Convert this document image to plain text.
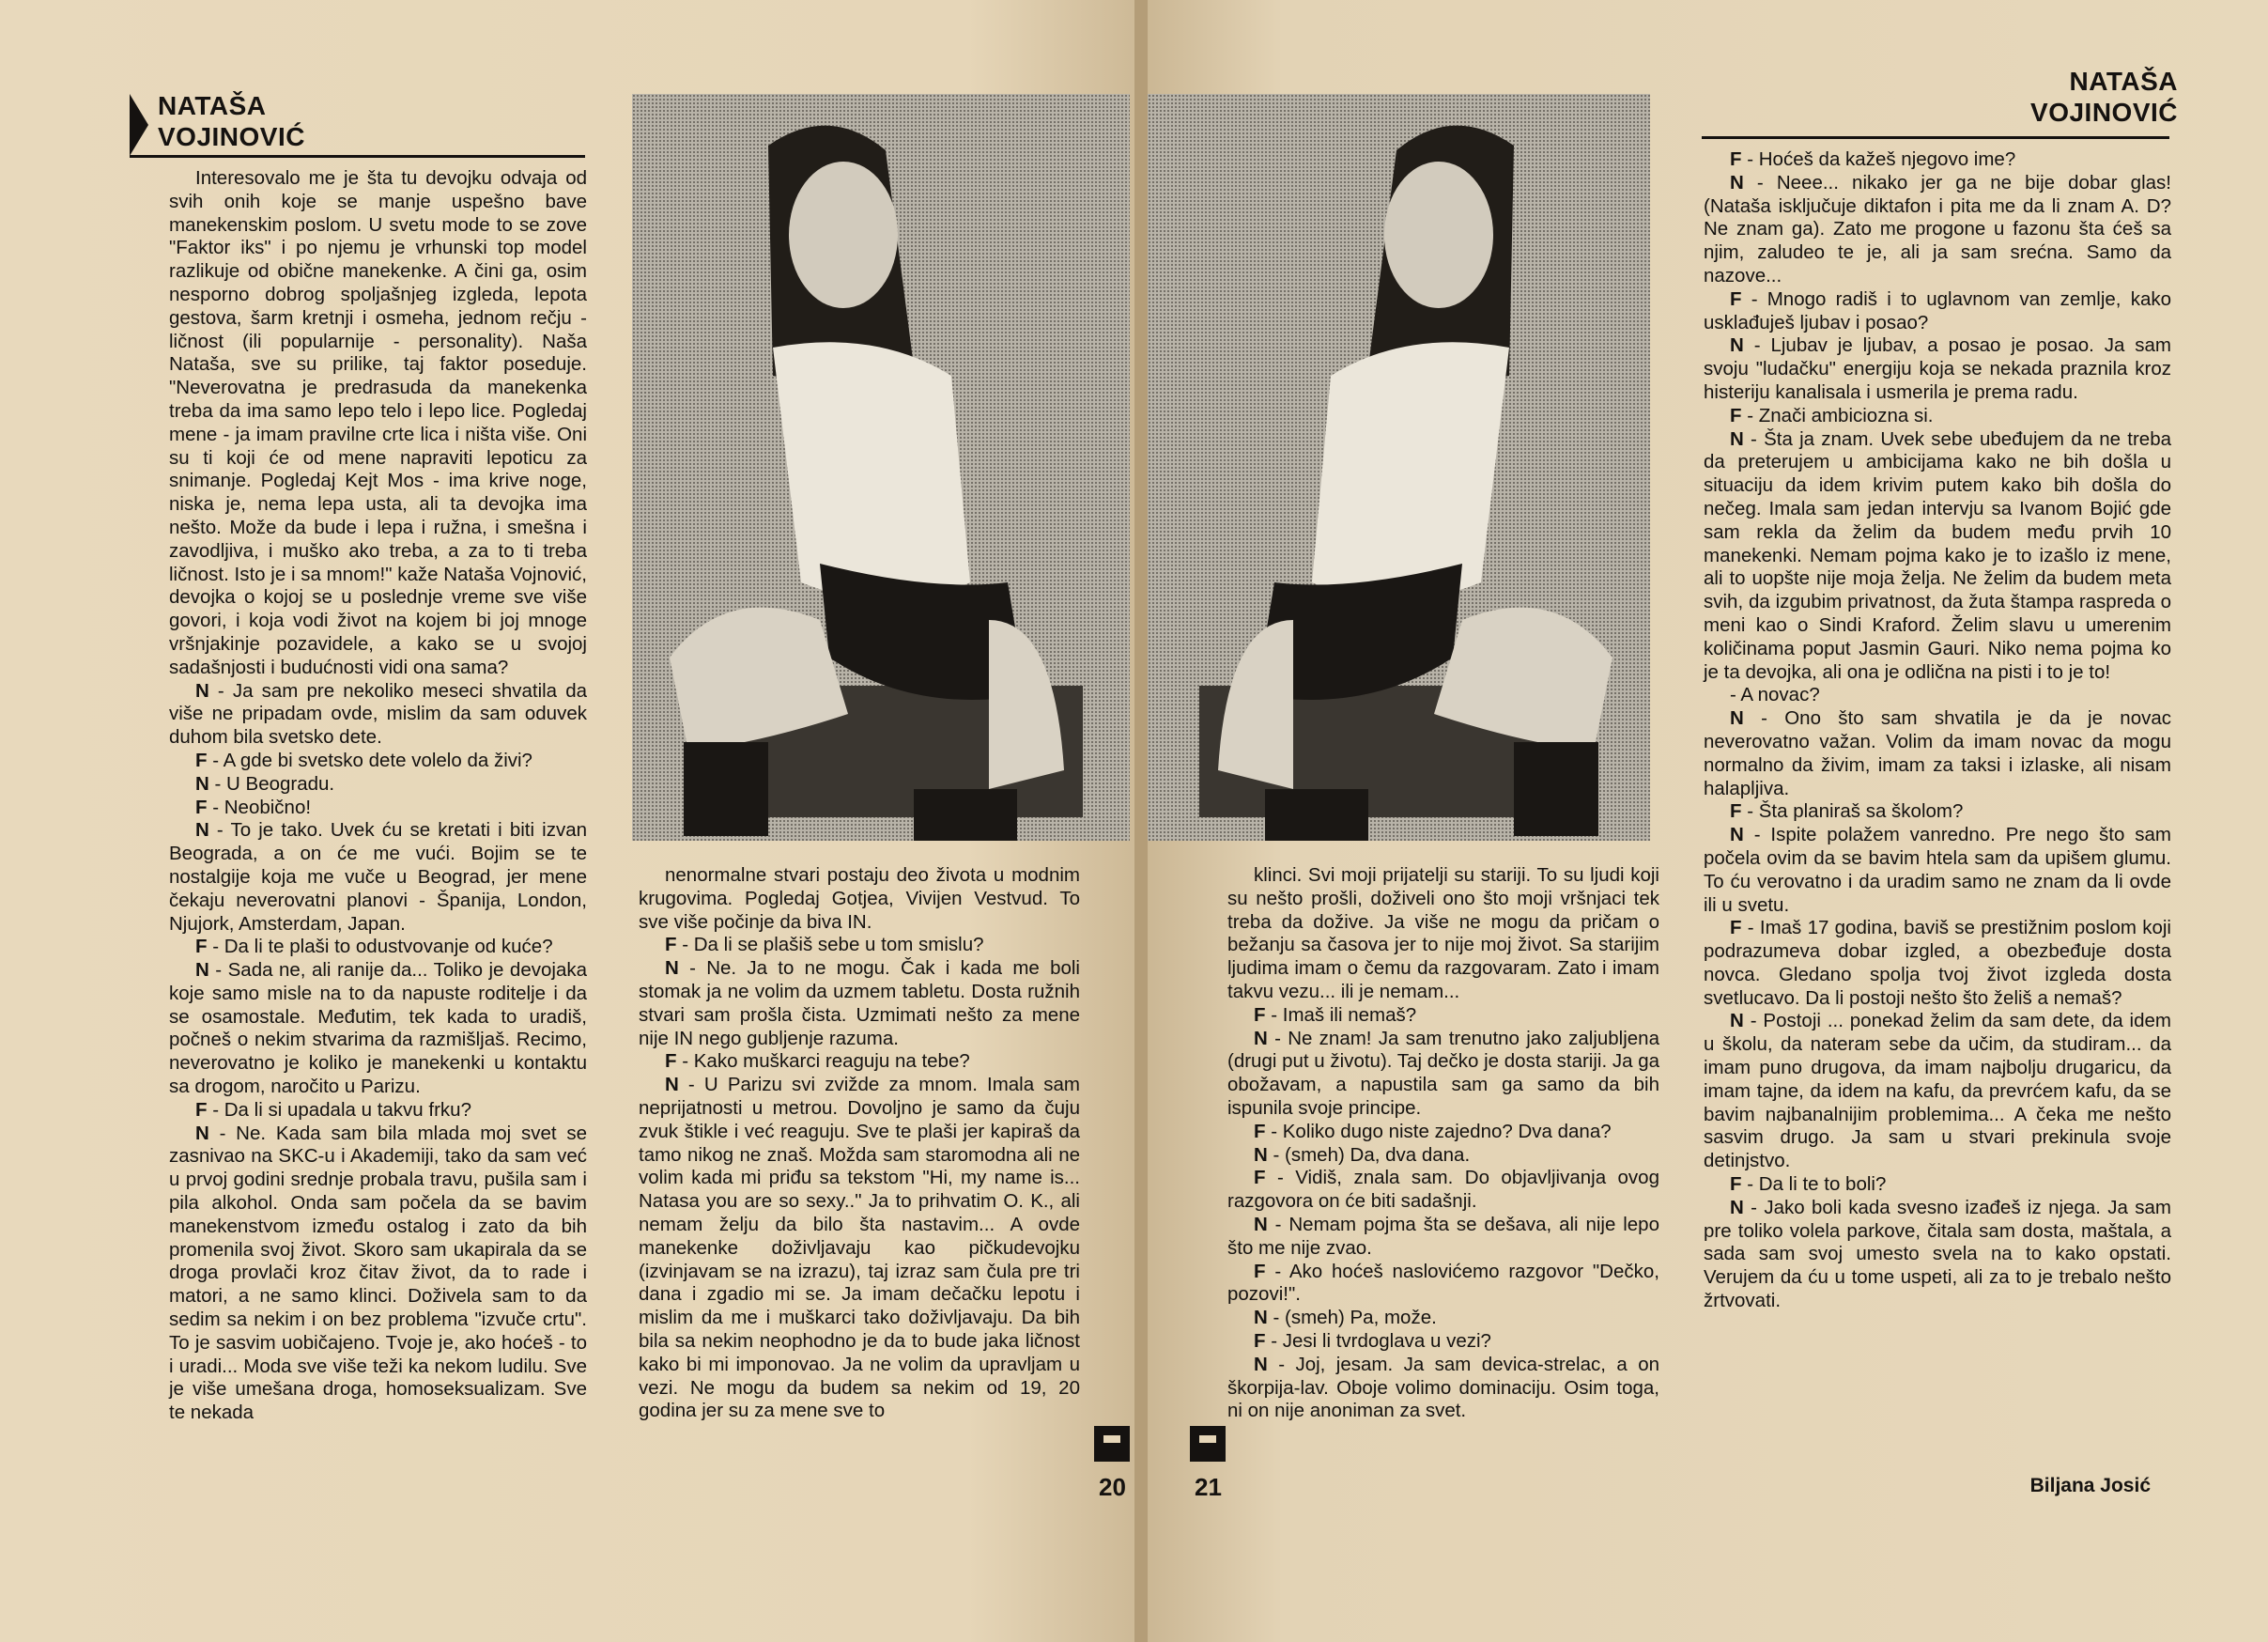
NATAŠA
VOJINOVIĆ

Interesovalo me je šta tu devojku odvaja od svih onih koje se manje uspešno bave manekenskim poslom. U svetu mode to se zove "Faktor iks" i po njemu je vrhunski top model razlikuje od obične manekenke. A čini ga, osim nesporno dobrog spoljašnjeg izgleda, lepota gestova, šarm kretnji i osmeha, jednom rečju - ličnost (ili popularnije - personality). Naša Nataša, sve su prilike, taj faktor poseduje. "Neverovatna je predrasuda da manekenka treba da ima samo lepo telo i lepo lice. Pogledaj mene - ja imam pravilne crte lica i ništa više. Oni su ti koji će od mene napraviti lepoticu za snimanje. Pogledaj Kejt Mos - ima krive noge, niska je, nema lepa usta, ali ta devojka ima nešto. Može da bude i lepa i ružna, i smešna i zavodljiva, i muško ako treba, a za to ti treba ličnost. Isto je i sa mnom!" kaže Nataša Vojnović, devojka o kojoj se u poslednje vreme sve više govori, i koja vodi život na kojem bi joj mnoge vršnjakinje pozavidele, a kako se u svojoj sadašnjosti i budućnosti vidi ona sama?

N - Ja sam pre nekoliko meseci shvatila da više ne pripadam ovde, mislim da sam oduvek duhom bila svetsko dete.

F - A gde bi svetsko dete volelo da živi?

N - U Beogradu.

F - Neobično!

N - To je tako. Uvek ću se kretati i biti izvan Beograda, a on će me vući. Bojim se te nostalgije koja me vuče u Beograd, jer mene čekaju neverovatni planovi - Španija, London, Njujork, Amsterdam, Japan.

F - Da li te plaši to odustvovanje od kuće?

N - Sada ne, ali ranije da... Toliko je devojaka koje samo misle na to da napuste roditelje i da se osamostale. Međutim, tek kada to uradiš, počneš o nekim stvarima da razmišljaš. Recimo, neverovatno je koliko je manekenki u kontaktu sa drogom, naročito u Parizu.

F - Da li si upadala u takvu frku?

N - Ne. Kada sam bila mlada moj svet se zasnivao na SKC-u i Akademiji, tako da sam već u prvoj godini srednje probala travu, pušila sam i pila alkohol. Onda sam počela da se bavim manekenstvom između ostalog i zato da bih promenila svoj život. Skoro sam ukapirala da se droga provlači kroz čitav život, da to rade i matori, a ne samo klinci. Doživela sam to da sedim sa nekim i on bez problema "izvuče crtu". To je sasvim uobičajeno. Tvoje je, ako hoćeš - to i uradi... Moda sve više teži ka nekom ludilu. Sve je više umešana droga, homoseksualizam. Sve te nekada

nenormalne stvari postaju deo života u modnim krugovima. Pogledaj Gotjea, Vivijen Vestvud. To sve više počinje da biva IN.

F - Da li se plašiš sebe u tom smislu?

N - Ne. Ja to ne mogu. Čak i kada me boli stomak ja ne volim da uzmem tabletu. Dosta ružnih stvari sam prošla čista. Uzmimati nešto za mene nije IN nego gubljenje razuma.

F - Kako muškarci reaguju na tebe?

N - U Parizu svi zvižde za mnom. Imala sam neprijatnosti u metrou. Dovoljno je samo da čuju zvuk štikle i već reaguju. Sve te plaši jer kapiraš da tamo nikog ne znaš. Možda sam staromodna ali ne volim kada mi priđu sa tekstom "Hi, my name is... Natasa you are so sexy.." Ja to prihvatim O. K., ali nemam želju da bilo šta nastavim... A ovde manekenke doživljavaju kao pičkudevojku (izvinjavam se na izrazu), taj izraz sam čula pre tri dana i zgadio mi se. Ja imam dečačku lepotu i mislim da me i muškarci tako doživljavaju. Da bih bila sa nekim neophodno je da to bude jaka ličnost kako bi mi imponovao. Ja ne volim da upravljam u vezi. Ne mogu da budem sa nekim od 19, 20 godina jer su za mene sve to

20

klinci. Svi moji prijatelji su stariji. To su ljudi koji su nešto prošli, doživeli ono što moji vršnjaci tek treba da dožive. Ja više ne mogu da pričam o bežanju sa časova jer to nije moj život. Sa starijim ljudima imam o čemu da razgovaram. Zato i imam takvu vezu... ili je nemam...

F - Imaš ili nemaš?

N - Ne znam! Ja sam trenutno jako zaljubljena (drugi put u životu). Taj dečko je dosta stariji. Ja ga obožavam, a napustila sam ga samo da bih ispunila svoje principe.

F - Koliko dugo niste zajedno? Dva dana?

N - (smeh) Da, dva dana.

F - Vidiš, znala sam. Do objavljivanja ovog razgovora on će biti sadašnji.

N - Nemam pojma šta se dešava, ali nije lepo što me nije zvao.

F - Ako hoćeš naslovićemo razgovor "Dečko, pozovi!".

N - (smeh) Pa, može.

F - Jesi li tvrdoglava u vezi?

N - Joj, jesam. Ja sam devica-strelac, a on škorpija-lav. Oboje volimo dominaciju. Osim toga, ni on nije anoniman za svet.

21
NATAŠA
VOJINOVIĆ

F - Hoćeš da kažeš njegovo ime?

N - Neee... nikako jer ga ne bije dobar glas! (Nataša isključuje diktafon i pita me da li znam A. D? Ne znam ga). Zato me progone u fazonu šta ćeš sa njim, zaludeo te je, ali ja sam srećna. Samo da nazove...

F - Mnogo radiš i to uglavnom van zemlje, kako usklađuješ ljubav i posao?

N - Ljubav je ljubav, a posao je posao. Ja sam svoju "ludačku" energiju koja se nekada praznila kroz histeriju kanalisala i usmerila je prema radu.

F - Znači ambiciozna si.

N - Šta ja znam. Uvek sebe ubeđujem da ne treba da preterujem u ambicijama kako ne bih došla u situaciju da idem krivim putem kako bih došla do nečeg. Imala sam jedan intervju sa Ivanom Bojić gde sam rekla da želim da budem među prvih 10 manekenki. Nemam pojma kako je to izašlo iz mene, ali to uopšte nije moja želja. Ne želim da budem meta svih, da izgubim privatnost, da žuta štampa raspreda o meni kao o Sindi Kraford. Želim slavu u umerenim količinama poput Jasmin Gauri. Niko nema pojma ko je ta devojka, ali ona je odlična na pisti i to je to!

- A novac?

N - Ono što sam shvatila je da je novac neverovatno važan. Volim da imam novac da mogu normalno da živim, imam za taksi i izlaske, ali nisam halapljiva.

F - Šta planiraš sa školom?

N - Ispite polažem vanredno. Pre nego što sam počela ovim da se bavim htela sam da upišem glumu. To ću verovatno i da uradim samo ne znam da li ovde ili u svetu.

F - Imaš 17 godina, baviš se prestižnim poslom koji podrazumeva dobar izgled, a obezbeđuje dosta novca. Gledano spolja tvoj život izgleda dosta svetlucavo. Da li postoji nešto što želiš a nemaš?

N - Postoji ... ponekad želim da sam dete, da idem u školu, da nateram sebe da učim, da studiram... da imam puno drugova, da imam najbolju drugaricu, da imam tajne, da idem na kafu, da prevrćem kafu, da se bavim najbanalnijim problemima... A čeka me nešto sasvim drugo. Ja sam u stvari prekinula svoje detinjstvo.

F - Da li te to boli?

N - Jako boli kada svesno izađeš iz njega. Ja sam pre toliko volela parkove, čitala sam dosta, maštala, a sada sam svoj umesto svela na to kako opstati. Verujem da ću u tome uspeti, ali za to je trebalo nešto žrtvovati.

Biljana Josić
